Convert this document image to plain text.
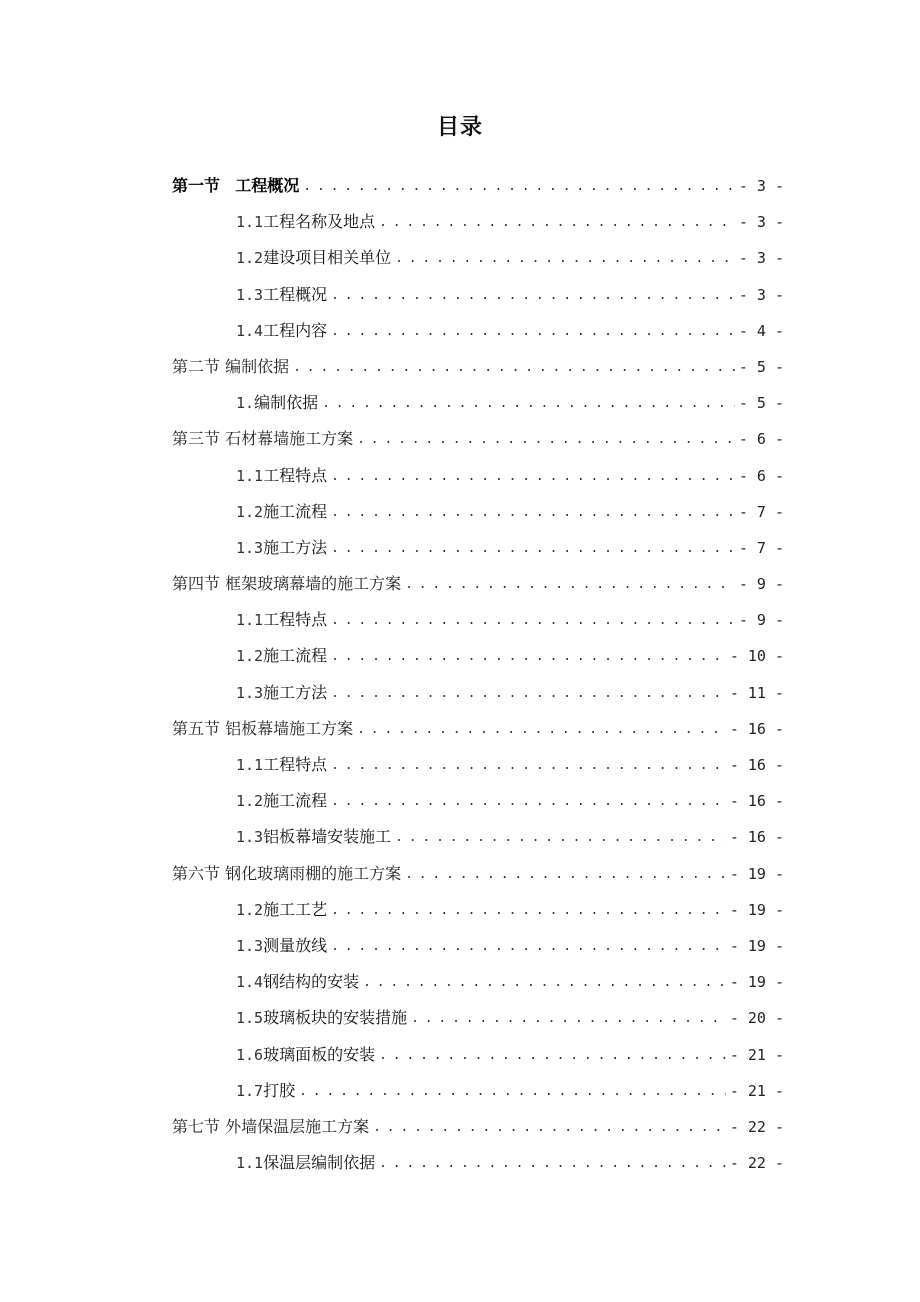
目录
第一节 工程概况 . . .	- 3 -
1.1工程名称及地点 . . .	- 3 -
1.2建设项目相关单位 . . .	- 3 -
1.3工程概况 . . .	- 3 -
1.4工程内容 . . .	- 4 -
第二节 编制依据 . . .	- 5 -
1.编制依据 . . .	- 5 -
第三节 石材幕墙施工方案 . . .	- 6 -
1.1工程特点 . . .	- 6 -
1.2施工流程 . . .	- 7 -
1.3施工方法 . . .	- 7 -
第四节 框架玻璃幕墙的施工方案 . . .	- 9 -
1.1工程特点 . . .	- 9 -
1.2施工流程 . . .	- 10 -
1.3施工方法 . . .	- 11 -
第五节 铝板幕墙施工方案 . . .	- 16 -
1.1工程特点 . . .	- 16 -
1.2施工流程 . . .	- 16 -
1.3铝板幕墙安装施工 . . .	- 16 -
第六节 钢化玻璃雨棚的施工方案 . . .	- 19 -
1.2施工工艺 . . .	- 19 -
1.3测量放线 . . .	- 19 -
1.4钢结构的安装 . . .	- 19 -
1.5玻璃板块的安装措施 . . .	- 20 -
1.6玻璃面板的安装 . . .	- 21 -
1.7打胶 . . .	- 21 -
第七节 外墙保温层施工方案 . . .	- 22 -
1.1保温层编制依据 . . .	- 22 -
